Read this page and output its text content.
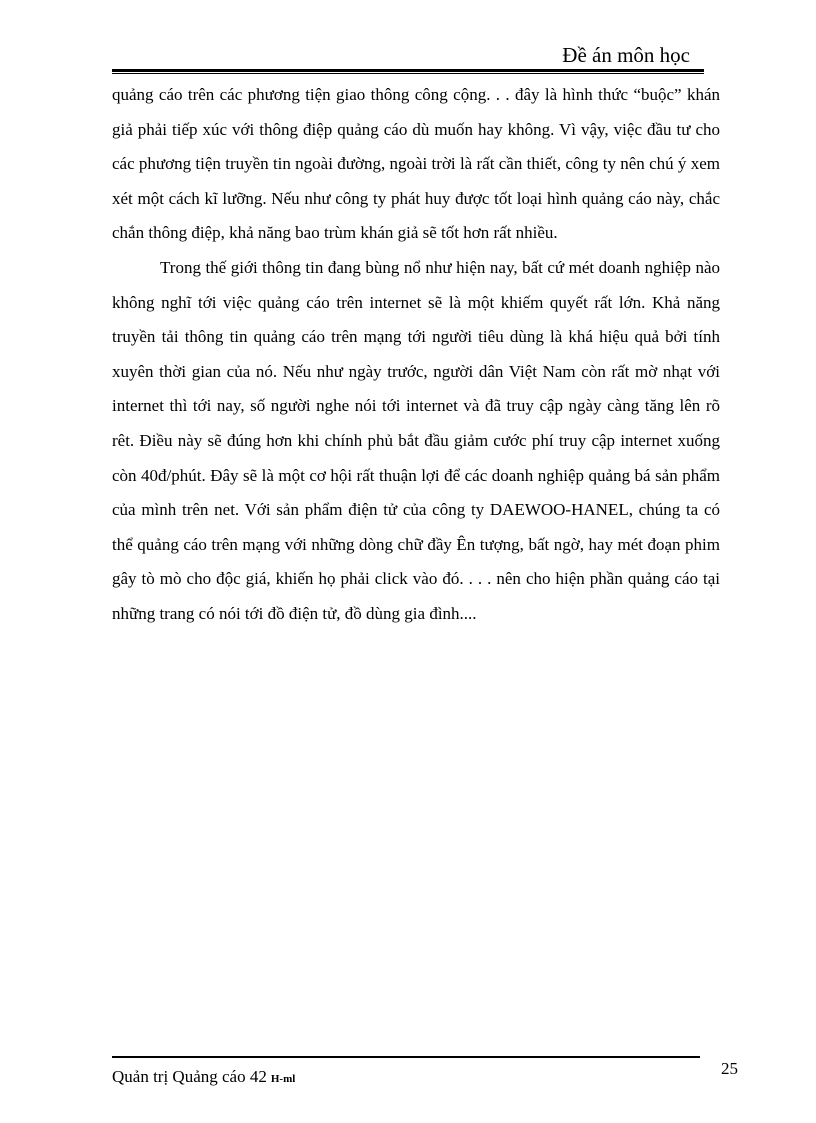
Đề án môn học

quảng cáo trên các phương tiện giao thông công cộng. . . đây là hình thức “buộc” khán giả phải tiếp xúc với thông điệp quảng cáo dù muốn hay không. Vì vậy, việc đầu tư cho các phương tiện truyền tin ngoài đường, ngoài trời là rất cần thiết, công ty nên chú ý xem xét một cách kĩ lưỡng. Nếu như công ty phát huy được tốt loại hình quảng cáo này, chắc chắn thông điệp, khả năng bao trùm khán giả sẽ tốt hơn rất nhiều.

Trong thế giới thông tin đang bùng nổ như hiện nay, bất cứ mét doanh nghiệp nào không nghĩ tới việc quảng cáo trên internet sẽ là một khiếm quyết rất lớn. Khả năng truyền tải thông tin quảng cáo trên mạng tới người tiêu dùng là khá hiệu quả bởi tính xuyên thời gian của nó. Nếu như ngày trước, người dân Việt Nam còn rất mờ nhạt với internet thì tới nay, số người nghe nói tới internet và đã truy cập ngày càng tăng lên rõ rêt. Điều này sẽ đúng hơn khi chính phủ bắt đầu giảm cước phí truy cập internet xuống còn 40đ/phút. Đây sẽ là một cơ hội rất thuận lợi để các doanh nghiệp quảng bá sản phẩm của mình trên net. Với sản phẩm điện tử của công ty DAEWOO-HANEL, chúng ta có thể quảng cáo trên mạng với những dòng chữ đầy Ên tượng, bất ngờ, hay mét đoạn phim gây tò mò cho độc giá, khiến họ phải click vào đó. . . . nên cho hiện phần quảng cáo tại những trang có nói tới đồ điện tử, đồ dùng gia đình....

Quản trị Quảng cáo 42 H-ml
25
